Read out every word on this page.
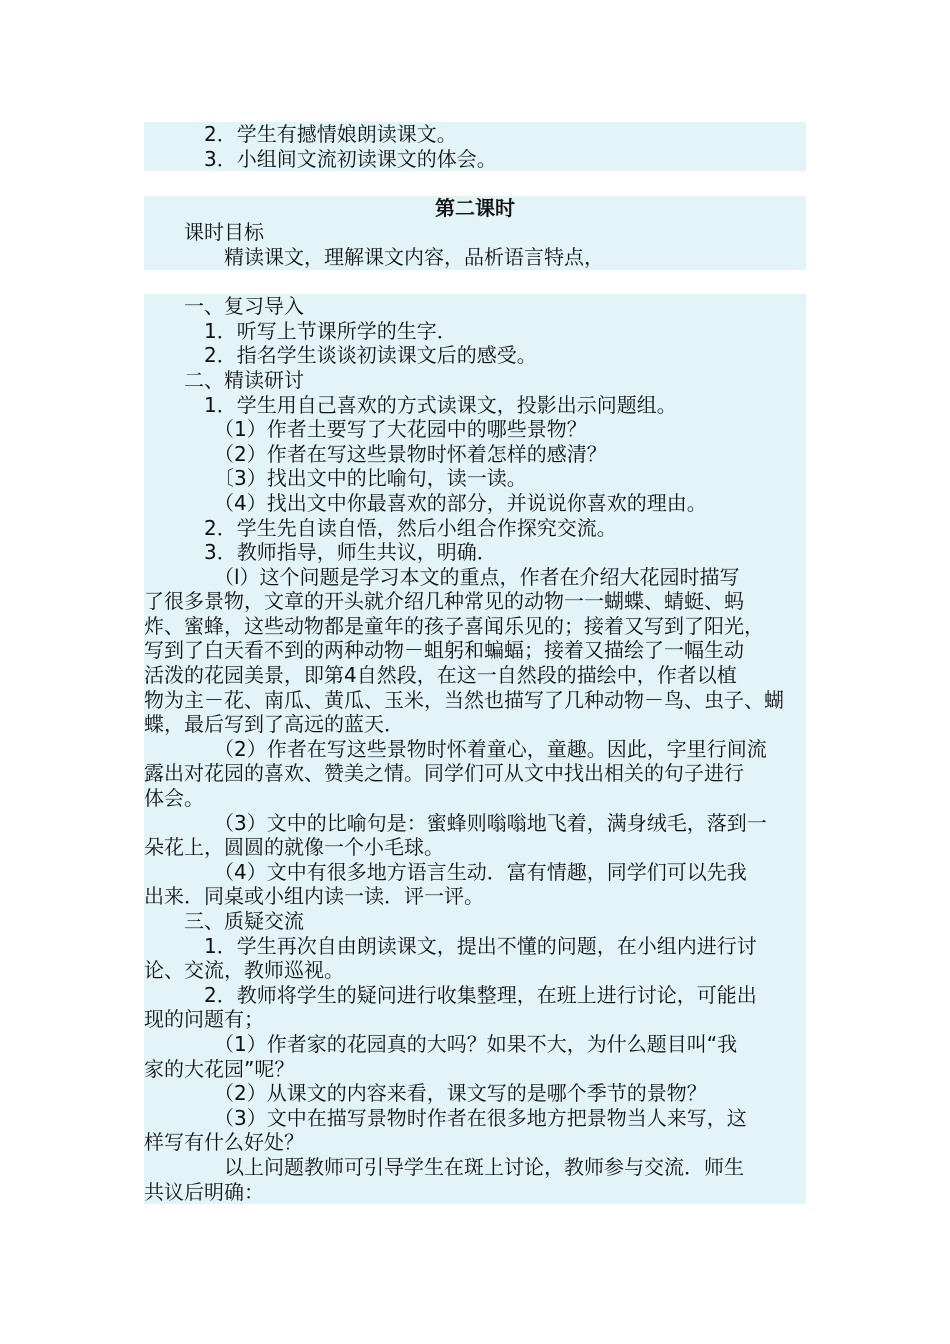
　　　2．学生有撼情娘朗读课文。
　　　3．小组间文流初读课文的体会。
第二课时
　　课时目标
　　　　精读课文，理解课文内容，品析语言特点，
　　一、复习导入
　　　1．听写上节课所学的生字．
　　　2．指名学生谈谈初读课文后的感受。
　　二、精读研讨
　　　1．学生用自己喜欢的方式读课文，投影出示问题组。
　　　　（1）作者土要写了大花园中的哪些景物？
　　　　（2）作者在写这些景物时怀着怎样的感清？
　　　　〔3）找出文中的比喻句，读一读。
　　　　（4）找出文中你最喜欢的部分，并说说你喜欢的理由。
　　　2．学生先自读自悟，然后小组合作探究交流。
　　　3．教师指导，师生共议，明确．
　　　　（l）这个问题是学习本文的重点，作者在介绍大花园时描写
了很多景物，文章的开头就介绍几种常见的动物一一蝴蝶、蜻蜓、蚂
炸、蜜蜂，这些动物都是童年的孩子喜闻乐见的；接着又写到了阳光，
写到了白天看不到的两种动物－蛆躬和蝙蝠；接着又描绘了一幅生动
活泼的花园美景，即第4自然段，在这一自然段的描绘中，作者以植
物为主－花、南瓜、黄瓜、玉米，当然也描写了几种动物－鸟、虫子、蝴
蝶，最后写到了高远的蓝天．
　　　　（2）作者在写这些景物时怀着童心，童趣。因此，字里行间流
露出对花园的喜欢、赞美之情。同学们可从文中找出相关的句子进行
体会。
　　　　（3）文中的比喻句是：蜜蜂则嗡嗡地飞着，满身绒毛，落到一
朵花上，圆圆的就像一个小毛球。
　　　　（4）文中有很多地方语言生动．富有情趣，同学们可以先我
出来．同桌或小组内读一读．评一评。
　　三、质疑交流
　　　1．学生再次自由朗读课文，提出不懂的问题，在小组内进行讨
论、交流，教师巡视。
　　　2．教师将学生的疑问进行收集整理，在班上进行讨论，可能出
现的问题有；
　　　　（1）作者家的花园真的大吗？如果不大，为什么题目叫“我
家的大花园”呢？
　　　　（2）从课文的内容来看，课文写的是哪个季节的景物？
　　　　（3）文中在描写景物时作者在很多地方把景物当人来写，这
样写有什么好处？
　　　　以上问题教师可引导学生在斑上讨论，教师参与交流．师生
共议后明确：
